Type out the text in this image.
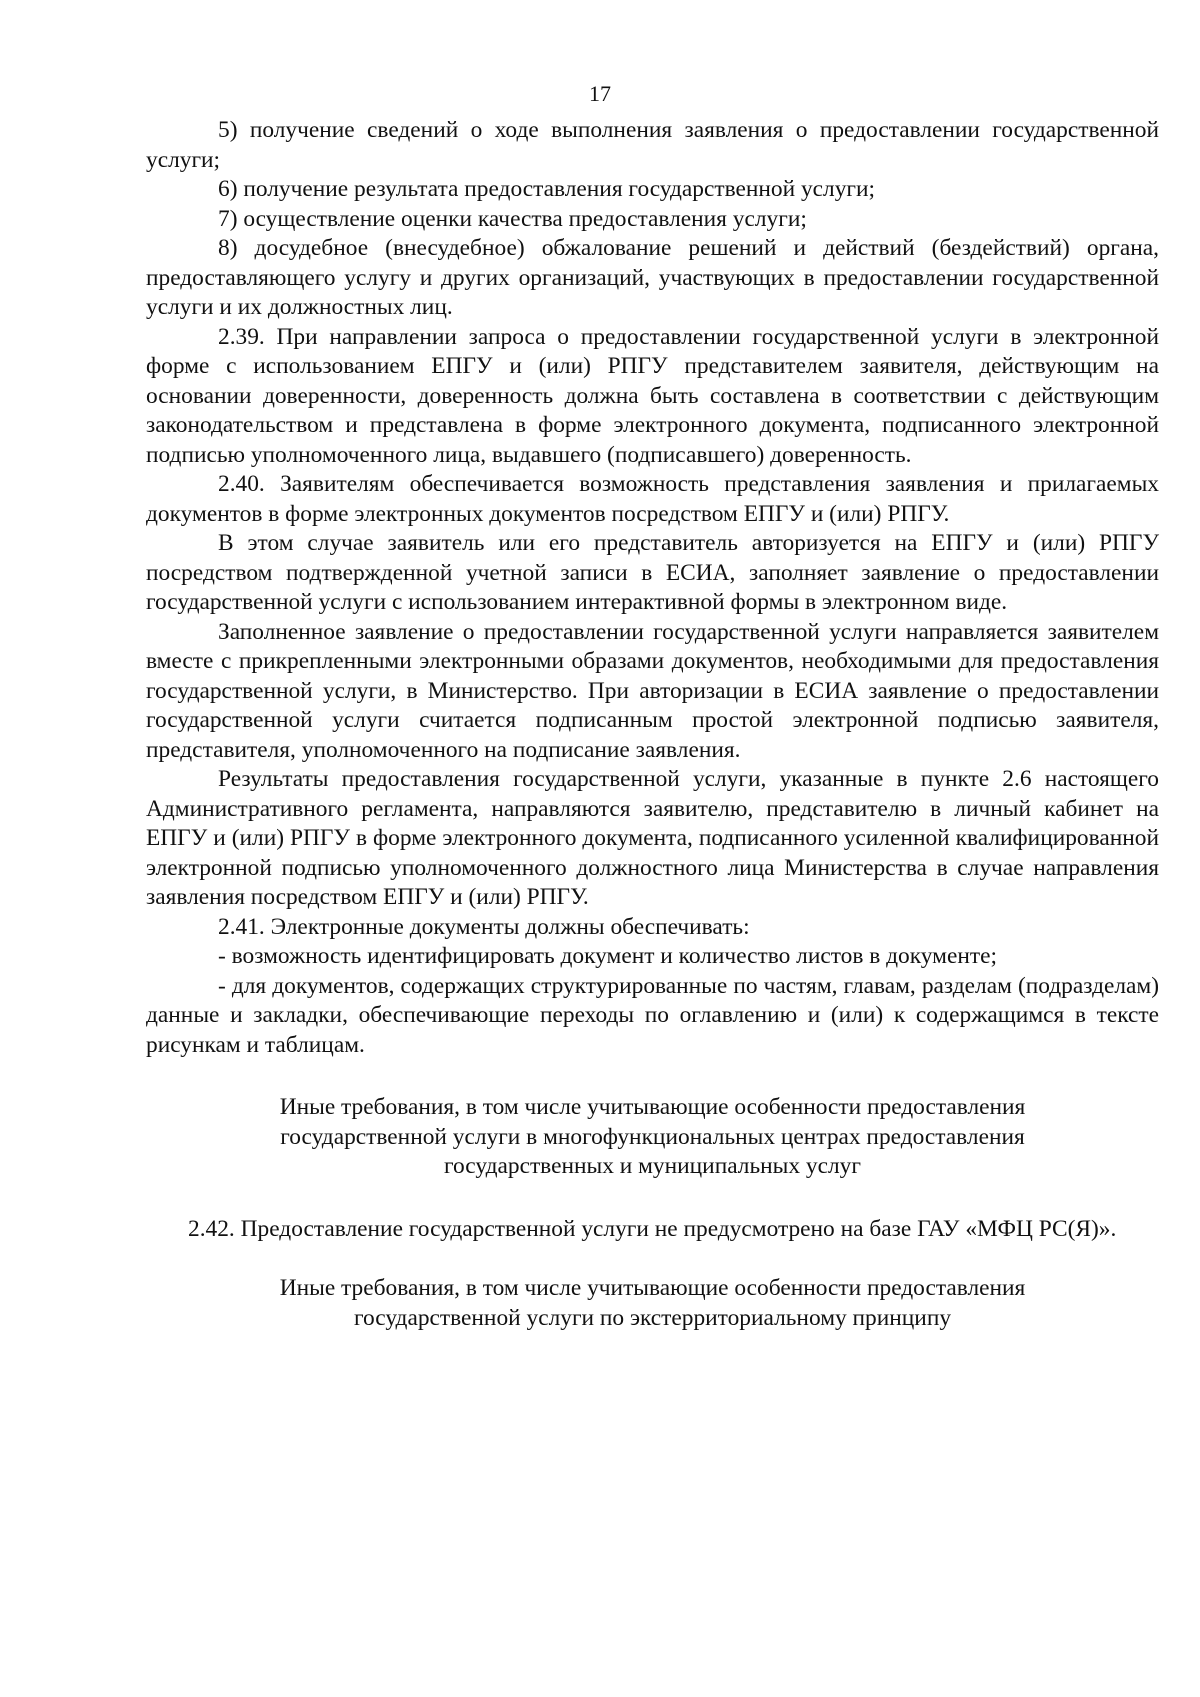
17

5) получение сведений о ходе выполнения заявления о предоставлении государственной услуги;

6) получение результата предоставления государственной услуги;

7) осуществление оценки качества предоставления услуги;

8) досудебное (внесудебное) обжалование решений и действий (бездействий) органа, предоставляющего услугу и других организаций, участвующих в предоставлении государственной услуги и их должностных лиц.

2.39. При направлении запроса о предоставлении государственной услуги в электронной форме с использованием ЕПГУ и (или) РПГУ представителем заявителя, действующим на основании доверенности, доверенность должна быть составлена в соответствии с действующим законодательством и представлена в форме электронного документа, подписанного электронной подписью уполномоченного лица, выдавшего (подписавшего) доверенность.

2.40. Заявителям обеспечивается возможность представления заявления и прилагаемых документов в форме электронных документов посредством ЕПГУ и (или) РПГУ.

В этом случае заявитель или его представитель авторизуется на ЕПГУ и (или) РПГУ посредством подтвержденной учетной записи в ЕСИА, заполняет заявление о предоставлении государственной услуги с использованием интерактивной формы в электронном виде.

Заполненное заявление о предоставлении государственной услуги направляется заявителем вместе с прикрепленными электронными образами документов, необходимыми для предоставления государственной услуги, в Министерство. При авторизации в ЕСИА заявление о предоставлении государственной услуги считается подписанным простой электронной подписью заявителя, представителя, уполномоченного на подписание заявления.

Результаты предоставления государственной услуги, указанные в пункте 2.6 настоящего Административного регламента, направляются заявителю, представителю в личный кабинет на ЕПГУ и (или) РПГУ в форме электронного документа, подписанного усиленной квалифицированной электронной подписью уполномоченного должностного лица Министерства в случае направления заявления посредством ЕПГУ и (или) РПГУ.

2.41. Электронные документы должны обеспечивать:

- возможность идентифицировать документ и количество листов в документе;

- для документов, содержащих структурированные по частям, главам, разделам (подразделам) данные и закладки, обеспечивающие переходы по оглавлению и (или) к содержащимся в тексте рисункам и таблицам.

Иные требования, в том числе учитывающие особенности предоставления
государственной услуги в многофункциональных центрах предоставления
государственных и муниципальных услуг

2.42. Предоставление государственной услуги не предусмотрено на базе ГАУ «МФЦ РС(Я)».

Иные требования, в том числе учитывающие особенности предоставления
государственной услуги по экстерриториальному принципу
